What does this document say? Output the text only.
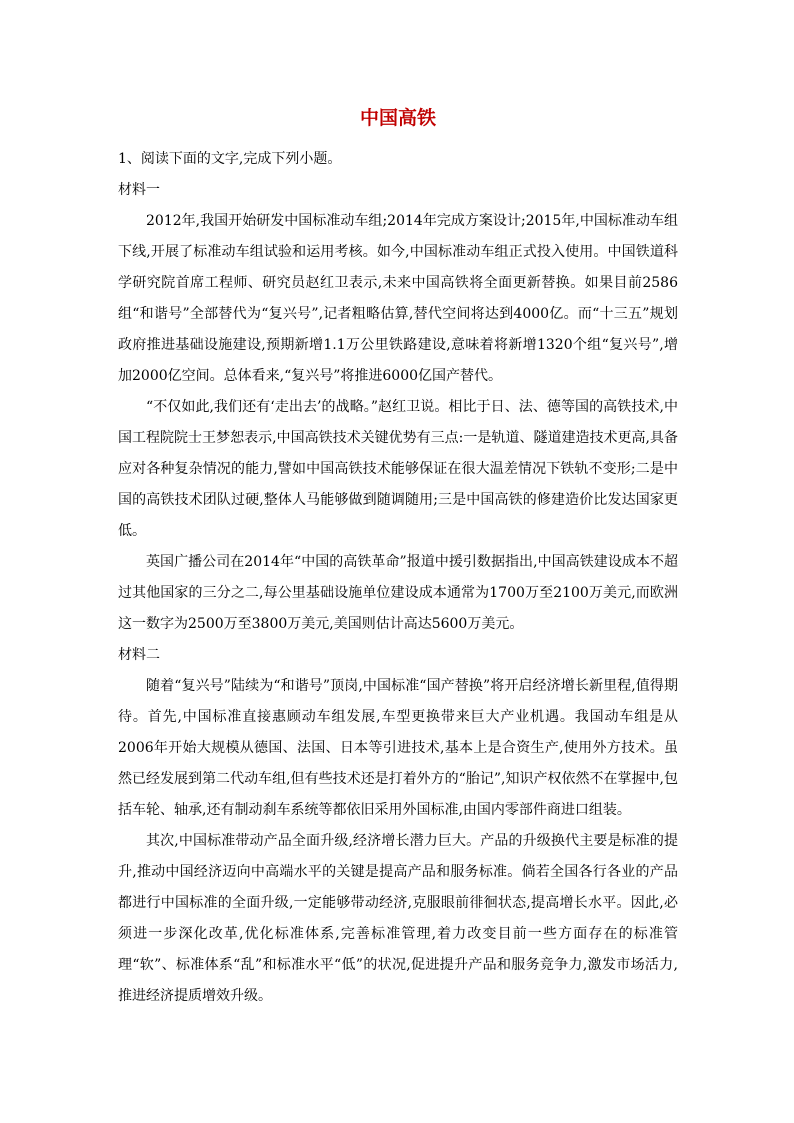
中国高铁

1、阅读下面的文字,完成下列小题。

材料一

2012年,我国开始研发中国标准动车组;2014年完成方案设计;2015年,中国标准动车组下线,开展了标准动车组试验和运用考核。如今,中国标准动车组正式投入使用。中国铁道科学研究院首席工程师、研究员赵红卫表示,未来中国高铁将全面更新替换。如果目前2586组“和谐号”全部替代为“复兴号”,记者粗略估算,替代空间将达到4000亿。而“十三五”规划政府推进基础设施建设,预期新增1.1万公里铁路建设,意味着将新增1320个组“复兴号”,增加2000亿空间。总体看来,“复兴号”将推进6000亿国产替代。

“不仅如此,我们还有‘走出去’的战略。”赵红卫说。相比于日、法、德等国的高铁技术,中国工程院院士王梦恕表示,中国高铁技术关键优势有三点:一是轨道、隧道建造技术更高,具备应对各种复杂情况的能力,譬如中国高铁技术能够保证在很大温差情况下铁轨不变形;二是中国的高铁技术团队过硬,整体人马能够做到随调随用;三是中国高铁的修建造价比发达国家更低。

英国广播公司在2014年“中国的高铁革命”报道中援引数据指出,中国高铁建设成本不超过其他国家的三分之二,每公里基础设施单位建设成本通常为1700万至2100万美元,而欧洲这一数字为2500万至3800万美元,美国则估计高达5600万美元。

材料二

随着“复兴号”陆续为“和谐号”顶岗,中国标准“国产替换”将开启经济增长新里程,值得期待。首先,中国标准直接惠顾动车组发展,车型更换带来巨大产业机遇。我国动车组是从2006年开始大规模从德国、法国、日本等引进技术,基本上是合资生产,使用外方技术。虽然已经发展到第二代动车组,但有些技术还是打着外方的“胎记”,知识产权依然不在掌握中,包括车轮、轴承,还有制动刹车系统等都依旧采用外国标准,由国内零部件商进口组装。

其次,中国标准带动产品全面升级,经济增长潜力巨大。产品的升级换代主要是标准的提升,推动中国经济迈向中高端水平的关键是提高产品和服务标准。倘若全国各行各业的产品都进行中国标准的全面升级,一定能够带动经济,克服眼前徘徊状态,提高增长水平。因此,必须进一步深化改革,优化标准体系,完善标准管理,着力改变目前一些方面存在的标准管理“软”、标准体系“乱”和标准水平“低”的状况,促进提升产品和服务竞争力,激发市场活力,推进经济提质增效升级。
